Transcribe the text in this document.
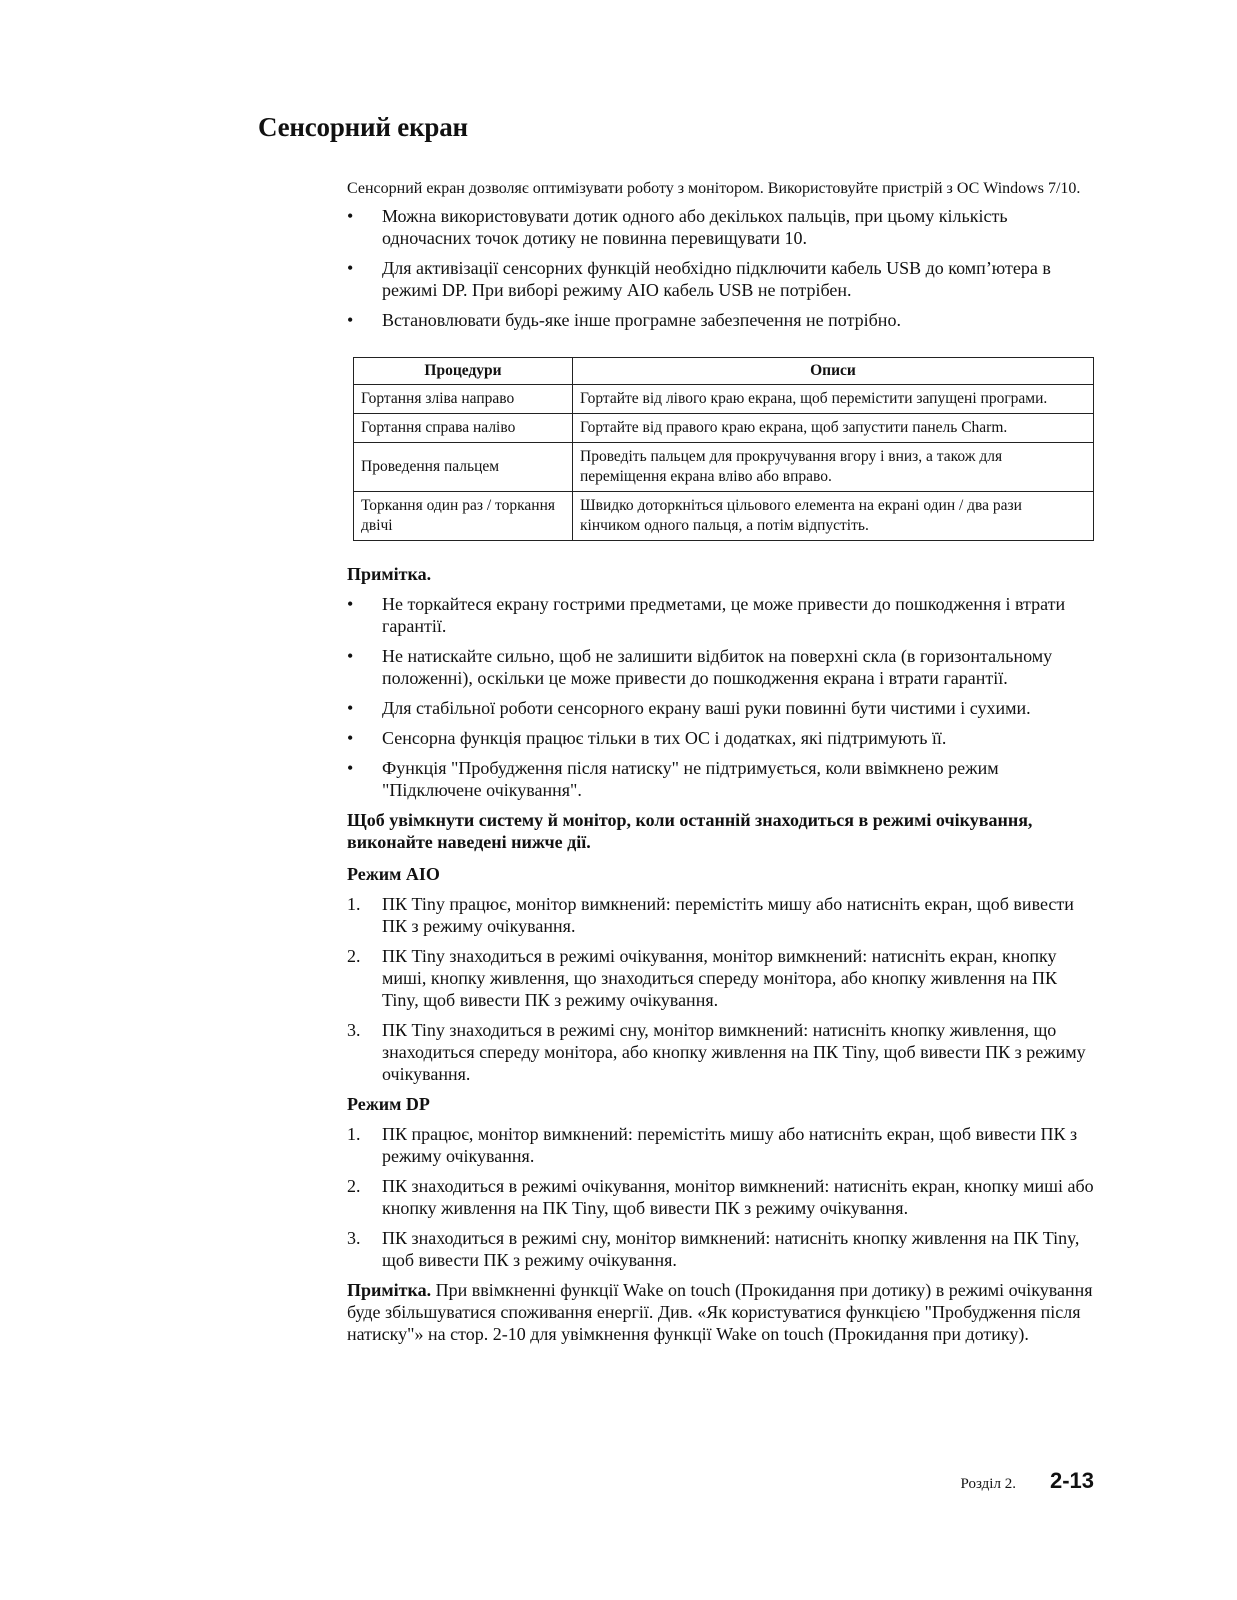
Сенсорний екран

Сенсорний екран дозволяє оптимізувати роботу з монітором. Використовуйте пристрій з ОС Windows 7/10.

• Можна використовувати дотик одного або декількох пальців, при цьому кількість одночасних точок дотику не повинна перевищувати 10.
• Для активізації сенсорних функцій необхідно підключити кабель USB до комп’ютера в режимі DP. При виборі режиму AIO кабель USB не потрібен.
• Встановлювати будь-яке інше програмне забезпечення не потрібно.
Процедури	Описи
Гортання зліва направо	Гортайте від лівого краю екрана, щоб перемістити запущені програми.
Гортання справа наліво	Гортайте від правого краю екрана, щоб запустити панель Charm.
Проведення пальцем	Проведіть пальцем для прокручування вгору і вниз, а також для переміщення екрана вліво або вправо.
Торкання один раз / торкання двічі	Швидко доторкніться цільового елемента на екрані один / два рази кінчиком одного пальця, а потім відпустіть.

Примітка.

• Не торкайтеся екрану гострими предметами, це може привести до пошкодження і втрати гарантії.
• Не натискайте сильно, щоб не залишити відбиток на поверхні скла (в горизонтальному положенні), оскільки це може привести до пошкодження екрана і втрати гарантії.
• Для стабільної роботи сенсорного екрану ваші руки повинні бути чистими і сухими.
• Сенсорна функція працює тільки в тих ОС і додатках, які підтримують її.
• Функція "Пробудження після натиску" не підтримується, коли ввімкнено режим "Підключене очікування".

Щоб увімкнути систему й монітор, коли останній знаходиться в режимі очікування, виконайте наведені нижче дії.

Режим AIO

1. ПК Tiny працює, монітор вимкнений: перемістіть мишу або натисніть екран, щоб вивести ПК з режиму очікування.
2. ПК Tiny знаходиться в режимі очікування, монітор вимкнений: натисніть екран, кнопку миші, кнопку живлення, що знаходиться спереду монітора, або кнопку живлення на ПК Tiny, щоб вивести ПК з режиму очікування.
3. ПК Tiny знаходиться в режимі сну, монітор вимкнений: натисніть кнопку живлення, що знаходиться спереду монітора, або кнопку живлення на ПК Tiny, щоб вивести ПК з режиму очікування.

Режим DP

1. ПК працює, монітор вимкнений: перемістіть мишу або натисніть екран, щоб вивести ПК з режиму очікування.
2. ПК знаходиться в режимі очікування, монітор вимкнений: натисніть екран, кнопку миші або кнопку живлення на ПК Tiny, щоб вивести ПК з режиму очікування.
3. ПК знаходиться в режимі сну, монітор вимкнений: натисніть кнопку живлення на ПК Tiny, щоб вивести ПК з режиму очікування.

Примітка. При ввімкненні функції Wake on touch (Прокидання при дотику) в режимі очікування буде збільшуватися споживання енергії. Див. «Як користуватися функцією "Пробудження після натиску"» на стор. 2-10 для увімкнення функції Wake on touch (Прокидання при дотику).

Розділ 2. 2-13
